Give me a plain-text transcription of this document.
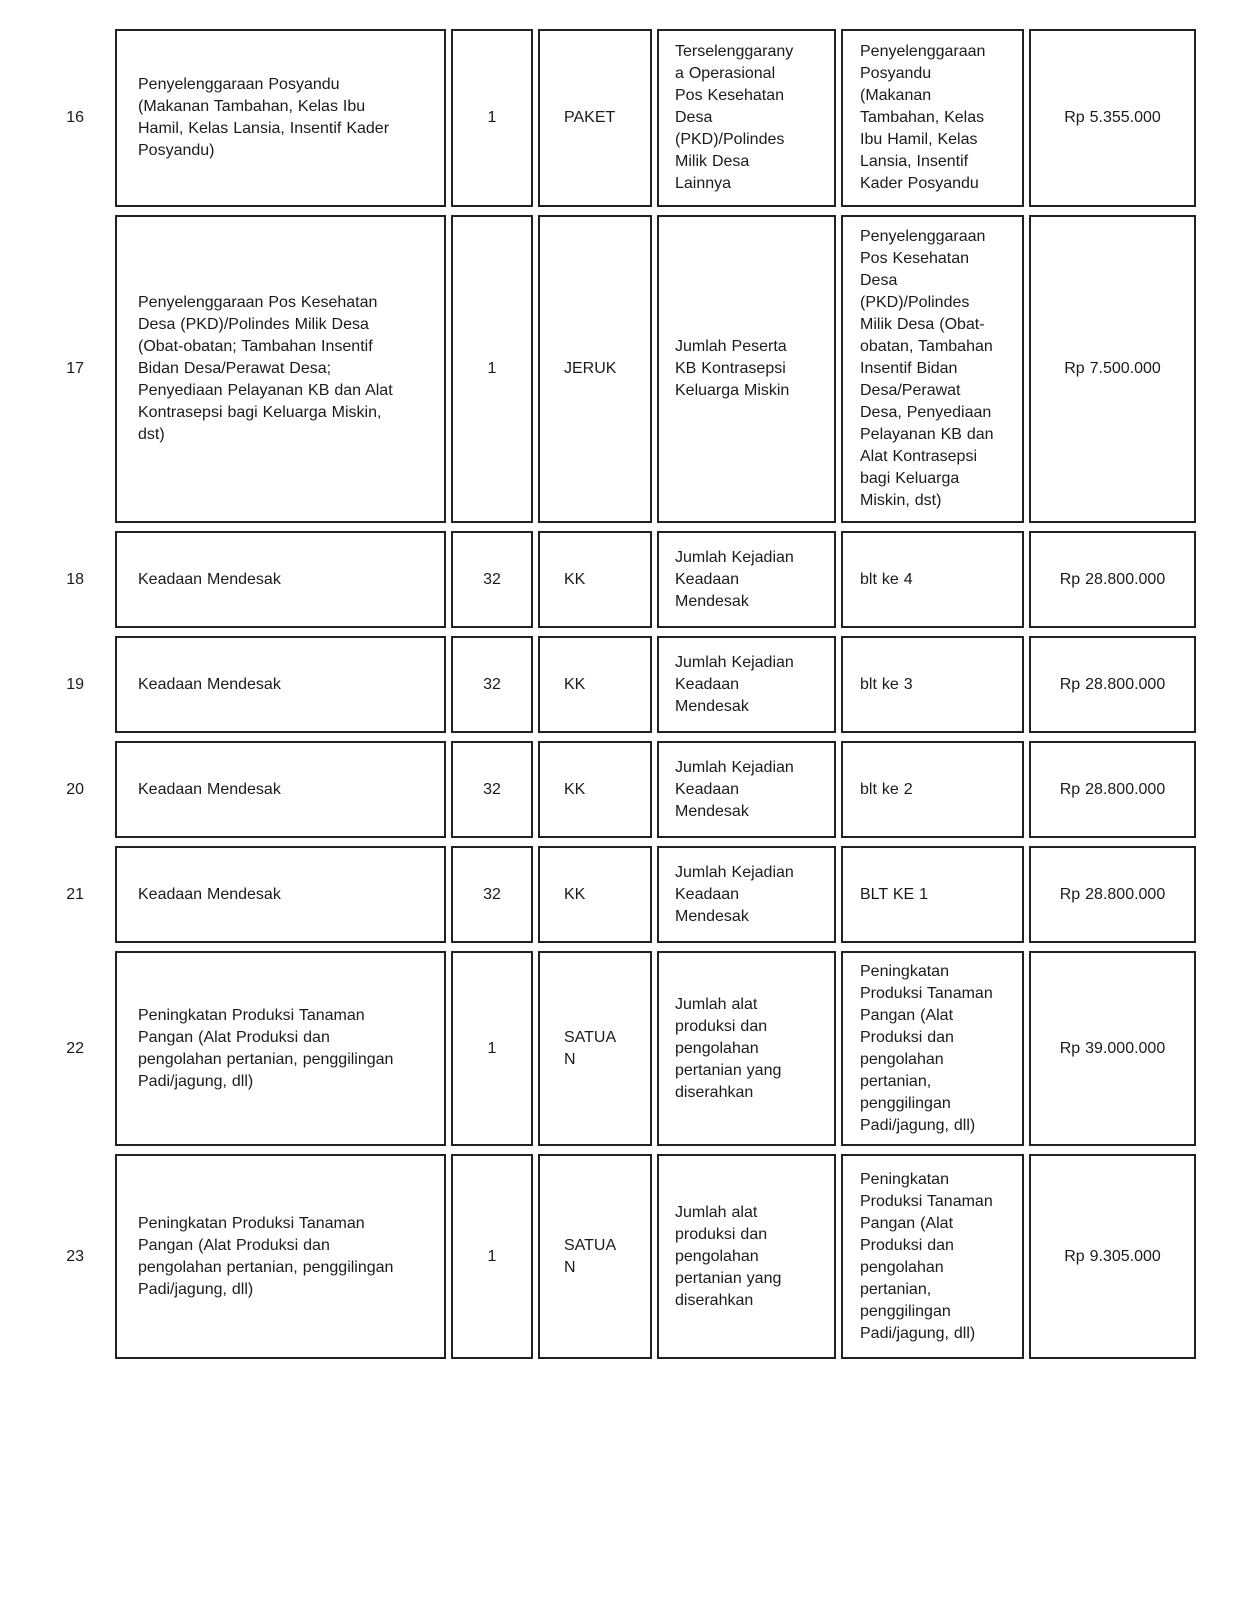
16	Penyelenggaraan Posyandu (Makanan Tambahan, Kelas Ibu Hamil, Kelas Lansia, Insentif Kader Posyandu)	1	PAKET	Terselenggaranya Operasional Pos Kesehatan Desa (PKD)/Polindes Milik Desa Lainnya	Penyelenggaraan Posyandu (Makanan Tambahan, Kelas Ibu Hamil, Kelas Lansia, Insentif Kader Posyandu	Rp 5.355.000
17	Penyelenggaraan Pos Kesehatan Desa (PKD)/Polindes Milik Desa (Obat-obatan; Tambahan Insentif Bidan Desa/Perawat Desa; Penyediaan Pelayanan KB dan Alat Kontrasepsi bagi Keluarga Miskin, dst)	1	JERUK	Jumlah Peserta KB Kontrasepsi Keluarga Miskin	Penyelenggaraan Pos Kesehatan Desa (PKD)/Polindes Milik Desa (Obat-obatan, Tambahan Insentif Bidan Desa/Perawat Desa, Penyediaan Pelayanan KB dan Alat Kontrasepsi bagi Keluarga Miskin, dst)	Rp 7.500.000
18	Keadaan Mendesak	32	KK	Jumlah Kejadian Keadaan Mendesak	blt ke 4	Rp 28.800.000
19	Keadaan Mendesak	32	KK	Jumlah Kejadian Keadaan Mendesak	blt ke 3	Rp 28.800.000
20	Keadaan Mendesak	32	KK	Jumlah Kejadian Keadaan Mendesak	blt ke 2	Rp 28.800.000
21	Keadaan Mendesak	32	KK	Jumlah Kejadian Keadaan Mendesak	BLT KE 1	Rp 28.800.000
22	Peningkatan Produksi Tanaman Pangan (Alat Produksi dan pengolahan pertanian, penggilingan Padi/jagung, dll)	1	SATUAN	Jumlah alat produksi dan pengolahan pertanian yang diserahkan	Peningkatan Produksi Tanaman Pangan (Alat Produksi dan pengolahan pertanian, penggilingan Padi/jagung, dll)	Rp 39.000.000
23	Peningkatan Produksi Tanaman Pangan (Alat Produksi dan pengolahan pertanian, penggilingan Padi/jagung, dll)	1	SATUAN	Jumlah alat produksi dan pengolahan pertanian yang diserahkan	Peningkatan Produksi Tanaman Pangan (Alat Produksi dan pengolahan pertanian, penggilingan Padi/jagung, dll)	Rp 9.305.000
